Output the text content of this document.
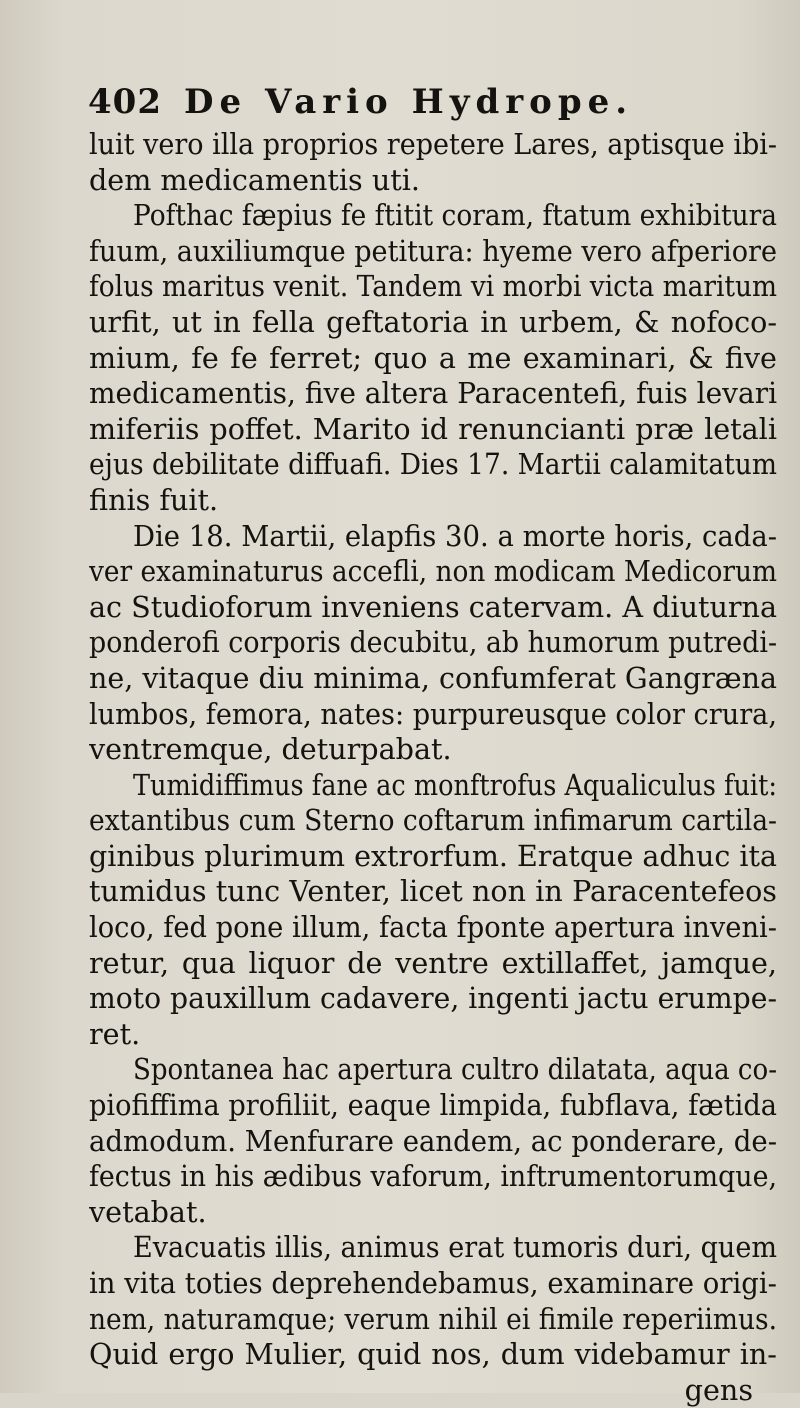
402 De Vario Hydrope.
luit vero illa proprios repetere Lares, aptisque ibi-
dem medicamentis uti.
Pofthac fæpius fe ftitit coram, ftatum exhibitura
fuum, auxiliumque petitura: hyeme vero afperiore
folus maritus venit. Tandem vi morbi victa maritum
urfit, ut in fella geftatoria in urbem, & nofoco-
mium, fe fe ferret; quo a me examinari, & five
medicamentis, five altera Paracentefi, fuis levari
miferiis poffet. Marito id renuncianti præ letali
ejus debilitate diffuafi. Dies 17. Martii calamitatum
finis fuit.
Die 18. Martii, elapfis 30. a morte horis, cada-
ver examinaturus accefli, non modicam Medicorum
ac Studioforum inveniens catervam. A diuturna
ponderofi corporis decubitu, ab humorum putredi-
ne, vitaque diu minima, confumferat Gangræna
lumbos, femora, nates: purpureusque color crura,
ventremque, deturpabat.
Tumidiffimus fane ac monftrofus Aqualiculus fuit:
extantibus cum Sterno coftarum infimarum cartila-
ginibus plurimum extrorfum. Eratque adhuc ita
tumidus tunc Venter, licet non in Paracentefeos
loco, fed pone illum, facta fponte apertura inveni-
retur, qua liquor de ventre extillaffet, jamque,
moto pauxillum cadavere, ingenti jactu erumpe-
ret.
Spontanea hac apertura cultro dilatata, aqua co-
piofiffima profiliit, eaque limpida, fubflava, fætida
admodum. Menfurare eandem, ac ponderare, de-
fectus in his ædibus vaforum, inftrumentorumque,
vetabat.
Evacuatis illis, animus erat tumoris duri, quem
in vita toties deprehendebamus, examinare origi-
nem, naturamque; verum nihil ei fimile reperiimus.
Quid ergo Mulier, quid nos, dum videbamur in-
gens
